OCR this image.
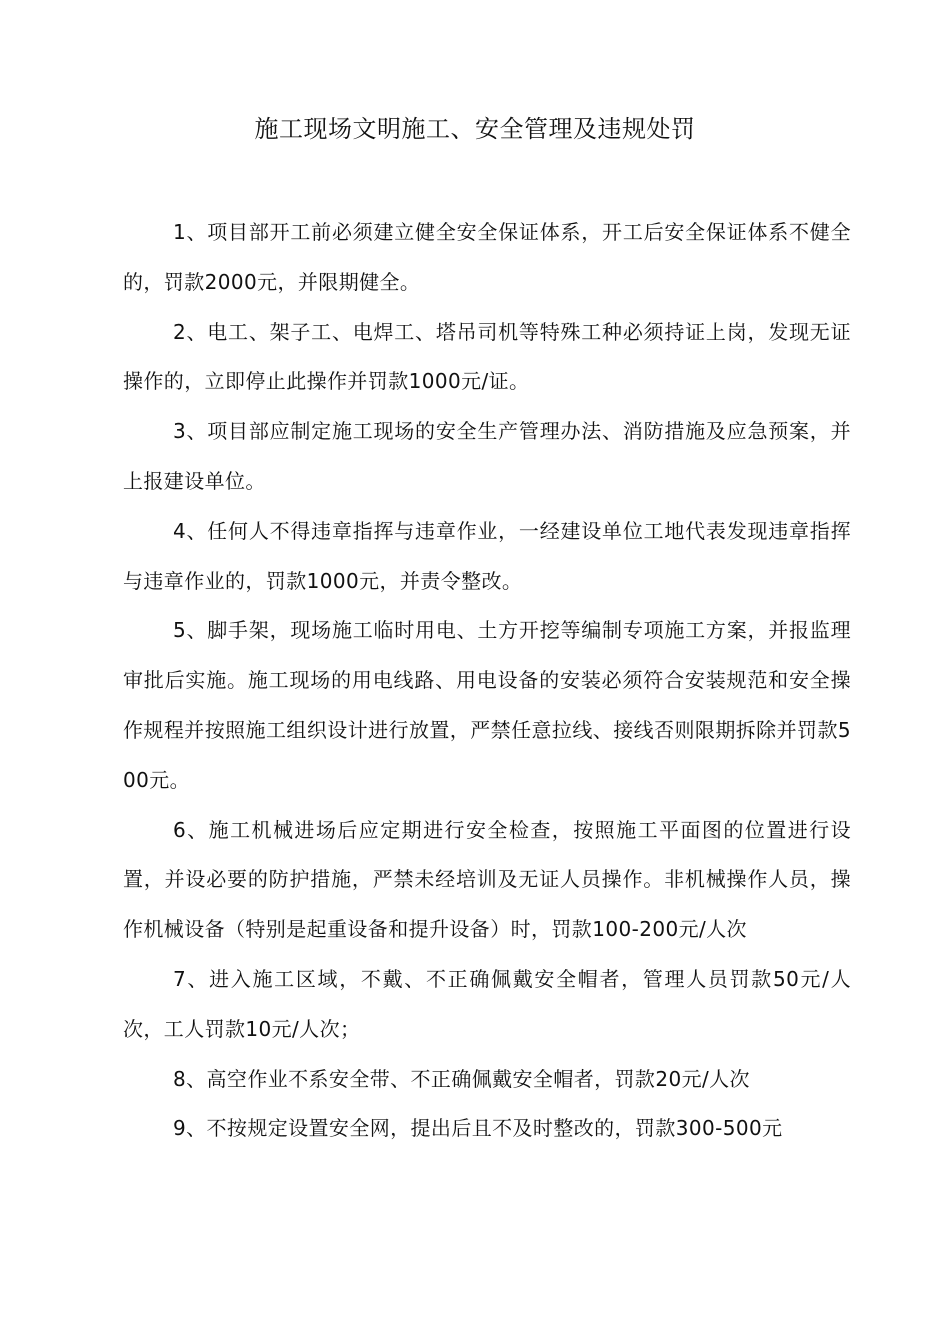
施工现场文明施工、安全管理及违规处罚

1、项目部开工前必须建立健全安全保证体系，开工后安全保证体系不健全的，罚款2000元，并限期健全。

2、电工、架子工、电焊工、塔吊司机等特殊工种必须持证上岗，发现无证操作的，立即停止此操作并罚款1000元/证。

3、项目部应制定施工现场的安全生产管理办法、消防措施及应急预案，并上报建设单位。

4、任何人不得违章指挥与违章作业，一经建设单位工地代表发现违章指挥与违章作业的，罚款1000元，并责令整改。

5、脚手架，现场施工临时用电、土方开挖等编制专项施工方案，并报监理审批后实施。施工现场的用电线路、用电设备的安装必须符合安装规范和安全操作规程并按照施工组织设计进行放置，严禁任意拉线、接线否则限期拆除并罚款500元。

6、施工机械进场后应定期进行安全检查，按照施工平面图的位置进行设置，并设必要的防护措施，严禁未经培训及无证人员操作。非机械操作人员，操作机械设备（特别是起重设备和提升设备）时，罚款100-200元/人次

7、进入施工区域，不戴、不正确佩戴安全帽者，管理人员罚款50元/人次，工人罚款10元/人次；

8、高空作业不系安全带、不正确佩戴安全帽者，罚款20元/人次

9、不按规定设置安全网，提出后且不及时整改的，罚款300-500元
